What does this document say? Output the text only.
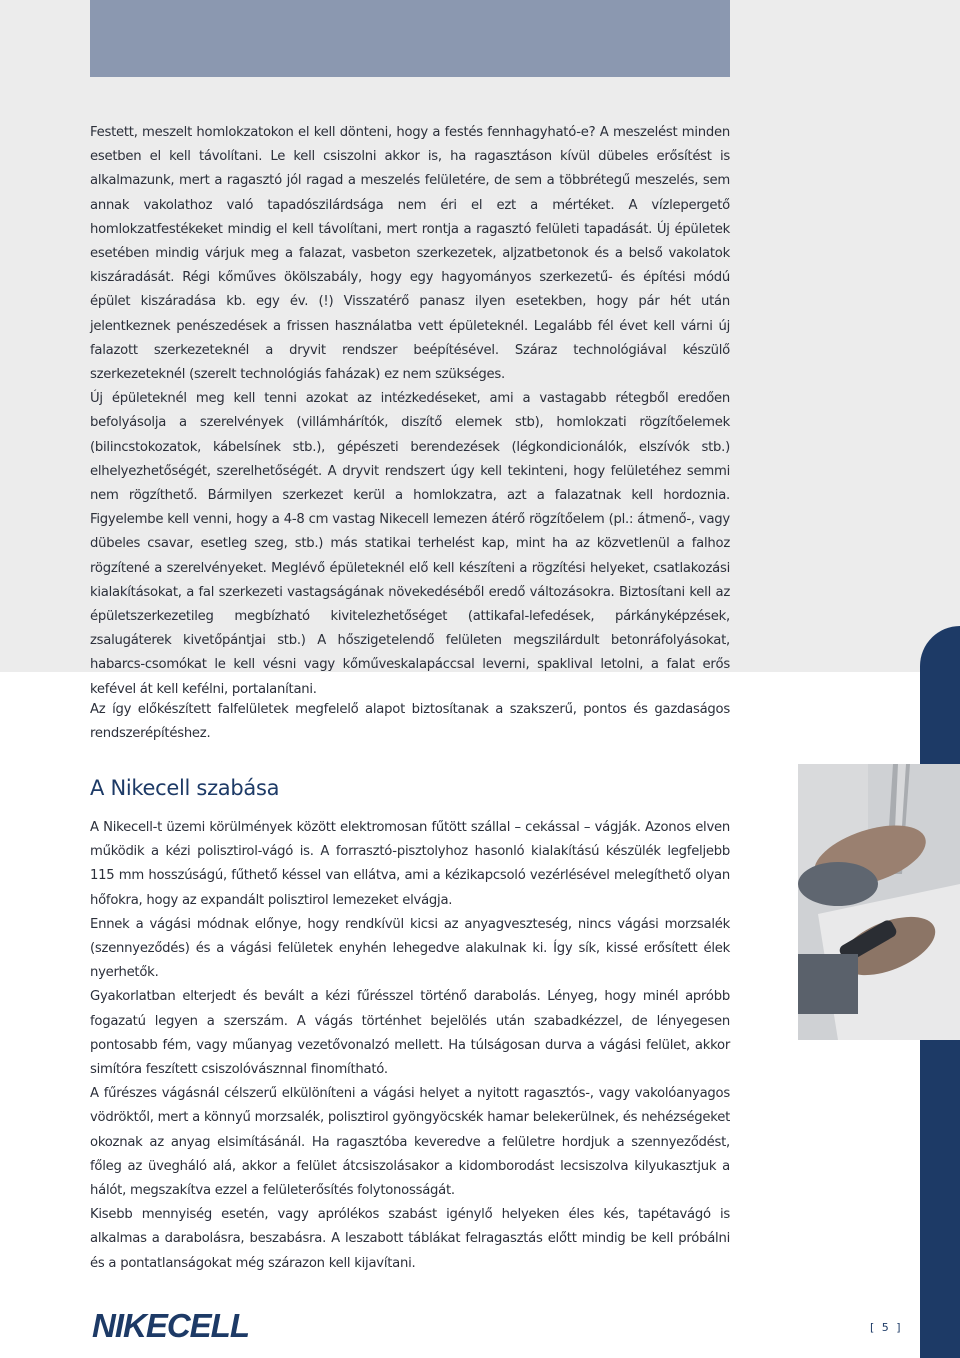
Festett, meszelt homlokzatokon el kell dönteni, hogy a festés fennhagyható-e? A meszelést minden esetben el kell távolítani. Le kell csiszolni akkor is, ha ragasztáson kívül dübeles erősítést is alkalmazunk, mert a ragasztó jól ragad a meszelés felületére, de sem a többrétegű meszelés, sem annak vakolathoz való tapadószilárdsága nem éri el ezt a mértéket. A vízlepergető homlokzatfestékeket mindig el kell távolítani, mert rontja a ragasztó felületi tapadását. Új épületek esetében mindig várjuk meg a falazat, vasbeton szerkezetek, aljzatbetonok és a belső vakolatok kiszáradását. Régi kőműves ökölszabály, hogy egy hagyományos szerkezetű- és építési módú épület kiszáradása kb. egy év. (!) Visszatérő panasz ilyen esetekben, hogy pár hét után jelentkeznek penészedések a frissen használatba vett épületeknél. Legalább fél évet kell várni új falazott szerkezeteknél a dryvit rendszer beépítésével. Száraz technológiával készülő szerkezeteknél (szerelt technológiás faházak) ez nem szükséges.

Új épületeknél meg kell tenni azokat az intézkedéseket, ami a vastagabb rétegből eredően befolyásolja a szerelvények (villámhárítók, diszítő elemek stb), homlokzati rögzítőelemek (bilincstokozatok, kábelsínek stb.), gépészeti berendezések (légkondicionálók, elszívók stb.) elhelyezhetőségét, szerelhetőségét. A dryvit rendszert úgy kell tekinteni, hogy felületéhez semmi nem rögzíthető. Bármilyen szerkezet kerül a homlokzatra, azt a falazatnak kell hordoznia. Figyelembe kell venni, hogy a 4-8 cm vastag Nikecell lemezen átérő rögzítőelem (pl.: átmenő-, vagy dübeles csavar, esetleg szeg, stb.) más statikai terhelést kap, mint ha az közvetlenül a falhoz rögzítené a szerelvényeket. Meglévő épületeknél elő kell készíteni a rögzítési helyeket, csatlakozási kialakításokat, a fal szerkezeti vastagságának növekedéséből eredő változásokra. Biztosítani kell az épületszerkezetileg megbízható kivitelezhetőséget (attikafal-lefedések, párkányképzések, zsalugáterek kivetőpántjai stb.) A hőszigetelendő felületen megszilárdult betonráfolyásokat, habarcs-csomókat le kell vésni vagy kőműveskalapáccsal leverni, spaklival letolni, a falat erős kefével át kell kefélni, portalanítani.

Az így előkészített falfelületek megfelelő alapot biztosítanak a szakszerű, pontos és gazdaságos rendszerépítéshez.

A Nikecell szabása

A Nikecell-t üzemi körülmények között elektromosan fűtött szállal – cekással – vágják. Azonos elven működik a kézi polisztirol-vágó is. A forrasztó-pisztolyhoz hasonló kialakítású készülék legfeljebb 115 mm hosszúságú, fűthető késsel van ellátva, ami a kézikapcsoló vezérlésével melegíthető olyan hőfokra, hogy az expandált polisztirol lemezeket elvágja.

Ennek a vágási módnak előnye, hogy rendkívül kicsi az anyagveszteség, nincs vágási morzsalék (szennyeződés) és a vágási felületek enyhén lehegedve alakulnak ki. Így sík, kissé erősített élek nyerhetők.

Gyakorlatban elterjedt és bevált a kézi fűrésszel történő darabolás. Lényeg, hogy minél apróbb fogazatú legyen a szerszám. A vágás történhet bejelölés után szabadkézzel, de lényegesen pontosabb fém, vagy műanyag vezetővonalzó mellett. Ha túlságosan durva a vágási felület, akkor simítóra feszített csiszolóvásznnal finomítható.

A fűrészes vágásnál célszerű elkülöníteni a vágási helyet a nyitott ragasztós-, vagy vakolóanyagos vödröktől, mert a könnyű morzsalék, polisztirol gyöngyöcskék hamar belekerülnek, és nehézségeket okoznak az anyag elsimításánál. Ha ragasztóba keveredve a felületre hordjuk a szennyeződést, főleg az üvegháló alá, akkor a felület átcsiszolásakor a kidomborodást lecsiszolva kilyukasztjuk a hálót, megszakítva ezzel a felületerősítés folytonosságát.

Kisebb mennyiség esetén, vagy aprólékos szabást igénylő helyeken éles kés, tapétavágó is alkalmas a darabolásra, beszabásra. A leszabott táblákat felragasztás előtt mindig be kell próbálni és a pontatlanságokat még szárazon kell kijavítani.

NIKECELL	[ 5 ]
